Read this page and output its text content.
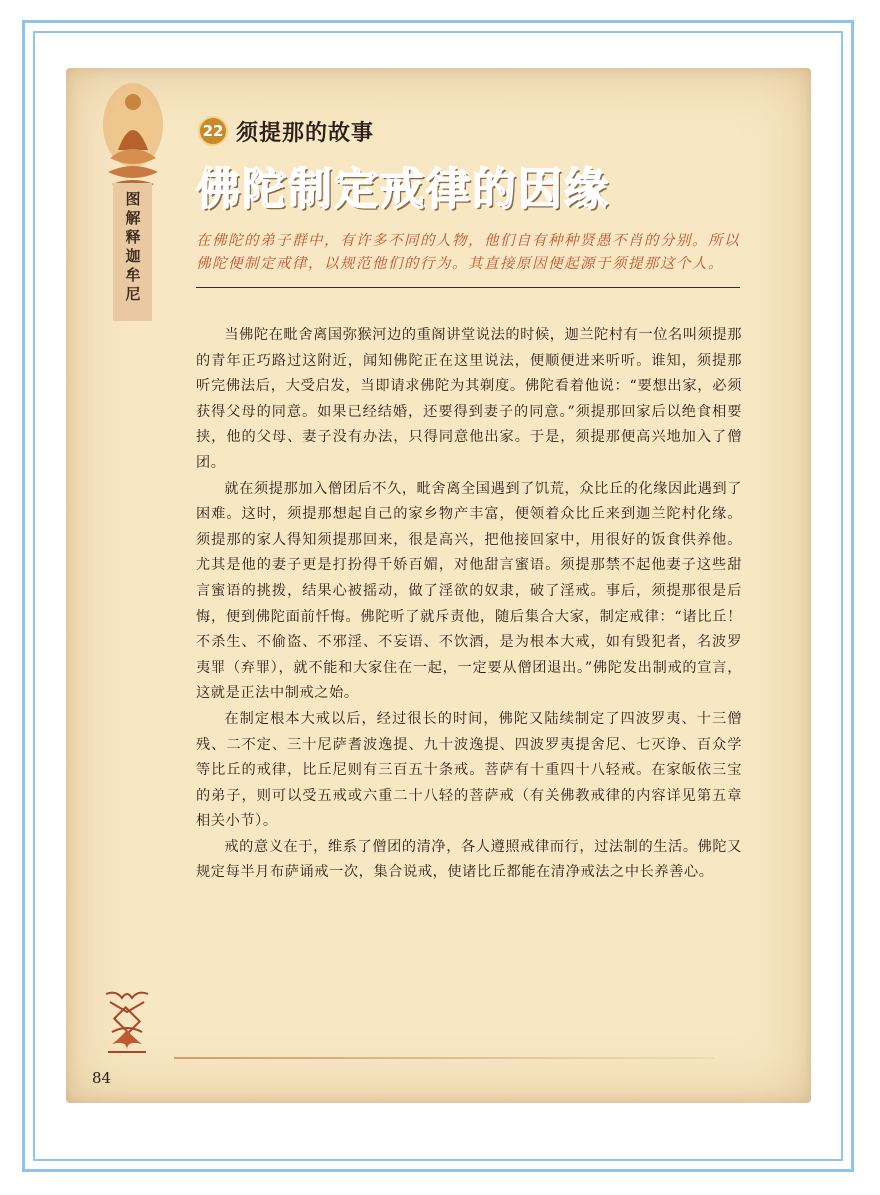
图解释迦牟尼
22 须提那的故事
佛陀制定戒律的因缘
在佛陀的弟子群中，有许多不同的人物，他们自有种种贤愚不肖的分别。所以佛陀便制定戒律，以规范他们的行为。其直接原因便起源于须提那这个人。

当佛陀在毗舍离国弥猴河边的重阁讲堂说法的时候，迦兰陀村有一位名叫须提那的青年正巧路过这附近，闻知佛陀正在这里说法，便顺便进来听听。谁知，须提那听完佛法后，大受启发，当即请求佛陀为其剃度。佛陀看着他说：“要想出家，必须获得父母的同意。如果已经结婚，还要得到妻子的同意。”须提那回家后以绝食相要挟，他的父母、妻子没有办法，只得同意他出家。于是，须提那便高兴地加入了僧团。

就在须提那加入僧团后不久，毗舍离全国遇到了饥荒，众比丘的化缘因此遇到了困难。这时，须提那想起自己的家乡物产丰富，便领着众比丘来到迦兰陀村化缘。须提那的家人得知须提那回来，很是高兴，把他接回家中，用很好的饭食供养他。尤其是他的妻子更是打扮得千娇百媚，对他甜言蜜语。须提那禁不起他妻子这些甜言蜜语的挑拨，结果心被摇动，做了淫欲的奴隶，破了淫戒。事后，须提那很是后悔，便到佛陀面前忏悔。佛陀听了就斥责他，随后集合大家，制定戒律：“诸比丘！不杀生、不偷盗、不邪淫、不妄语、不饮酒，是为根本大戒，如有毁犯者，名波罗夷罪（弃罪），就不能和大家住在一起，一定要从僧团退出。”佛陀发出制戒的宣言，这就是正法中制戒之始。

在制定根本大戒以后，经过很长的时间，佛陀又陆续制定了四波罗夷、十三僧残、二不定、三十尼萨耆波逸提、九十波逸提、四波罗夷提舍尼、七灭诤、百众学等比丘的戒律，比丘尼则有三百五十条戒。菩萨有十重四十八轻戒。在家皈依三宝的弟子，则可以受五戒或六重二十八轻的菩萨戒（有关佛教戒律的内容详见第五章相关小节）。

戒的意义在于，维系了僧团的清净，各人遵照戒律而行，过法制的生活。佛陀又规定每半月布萨诵戒一次，集合说戒，使诸比丘都能在清净戒法之中长养善心。

84
